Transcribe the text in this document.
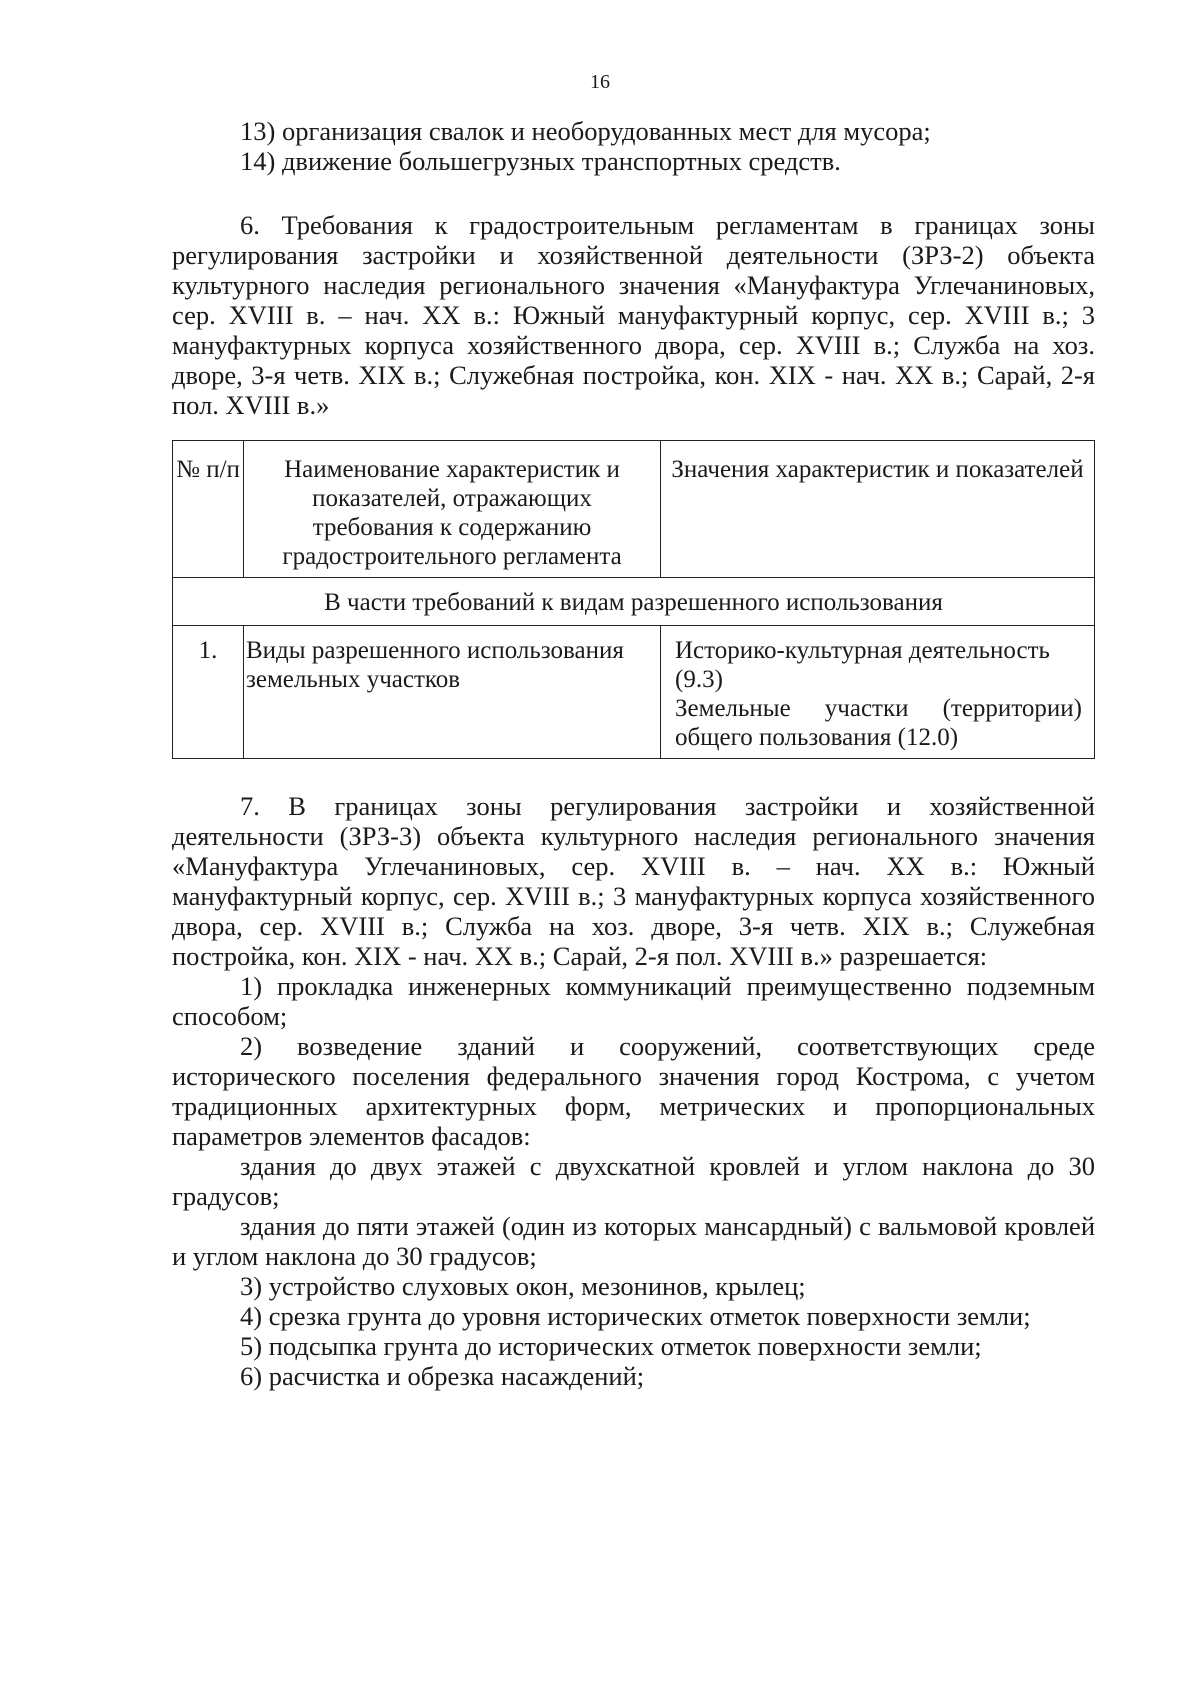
16

13) организация свалок и необорудованных мест для мусора;

14) движение большегрузных транспортных средств.

6. Требования к градостроительным регламентам в границах зоны регулирования застройки и хозяйственной деятельности (ЗРЗ-2) объекта культурного наследия регионального значения «Мануфактура Углечаниновых, сер. XVIII в. – нач. XX в.: Южный мануфактурный корпус, сер. XVIII в.; 3 мануфактурных корпуса хозяйственного двора, сер. XVIII в.; Служба на хоз. дворе, 3-я четв. XIX в.; Служебная постройка, кон. XIX - нач. XX в.; Сарай, 2-я пол. XVIII в.»

№ п/п	Наименование характеристик и показателей, отражающих требования к содержанию градостроительного регламента	Значения характеристик и показателей
В части требований к видам разрешенного использования		
1.	Виды разрешенного использования земельных участков	Историко-культурная деятельность (9.3)

Земельные участки (территории) общего пользования (12.0)

7. В границах зоны регулирования застройки и хозяйственной деятельности (ЗРЗ-3) объекта культурного наследия регионального значения «Мануфактура Углечаниновых, сер. XVIII в. – нач. XX в.: Южный мануфактурный корпус, сер. XVIII в.; 3 мануфактурных корпуса хозяйственного двора, сер. XVIII в.; Служба на хоз. дворе, 3-я четв. XIX в.; Служебная постройка, кон. XIX - нач. XX в.; Сарай, 2-я пол. XVIII в.» разрешается:

1) прокладка инженерных коммуникаций преимущественно подземным способом;

2) возведение зданий и сооружений, соответствующих среде исторического поселения федерального значения город Кострома, с учетом традиционных архитектурных форм, метрических и пропорциональных параметров элементов фасадов:

здания до двух этажей с двухскатной кровлей и углом наклона до 30 градусов;

здания до пяти этажей (один из которых мансардный) с вальмовой кровлей и углом наклона до 30 градусов;

3) устройство слуховых окон, мезонинов, крылец;

4) срезка грунта до уровня исторических отметок поверхности земли;

5) подсыпка грунта до исторических отметок поверхности земли;

6) расчистка и обрезка насаждений;
